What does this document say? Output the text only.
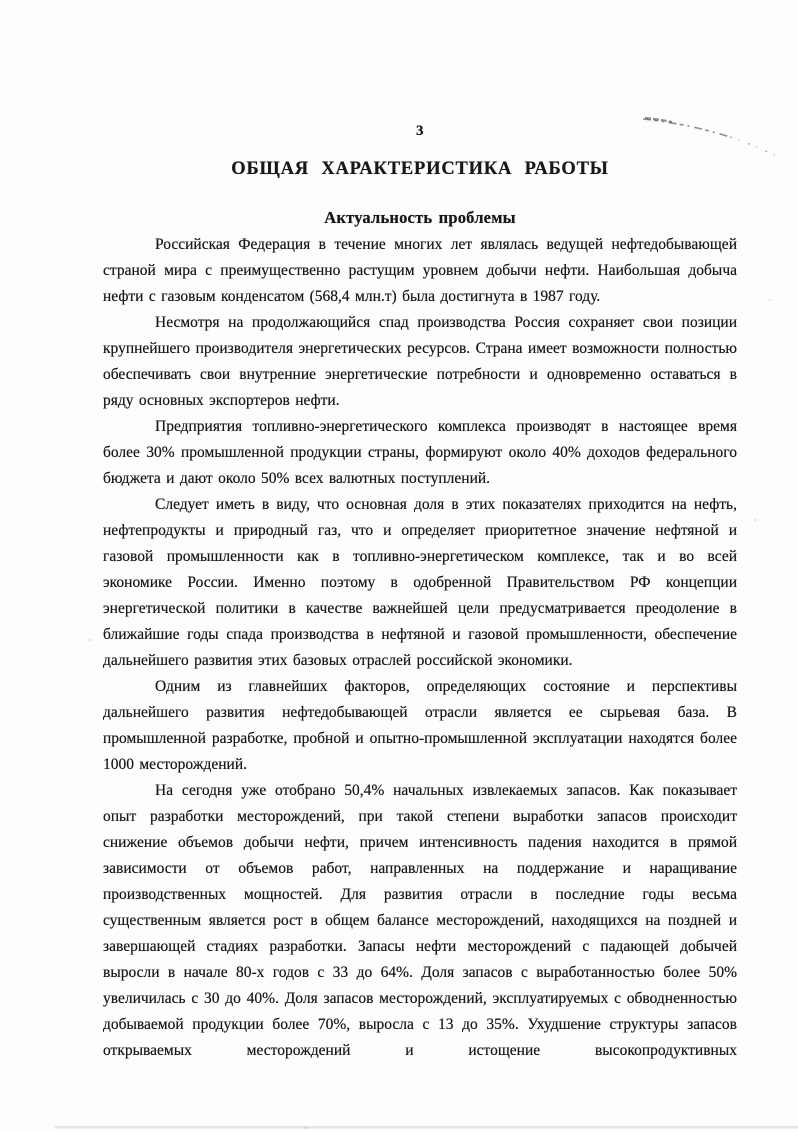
3
ОБЩАЯ ХАРАКТЕРИСТИКА РАБОТЫ
Актуальность проблемы

Российская Федерация в течение многих лет являлась ведущей нефтедобывающей страной мира с преимущественно растущим уровнем добычи нефти. Наибольшая добыча нефти с газовым конденсатом (568,4 млн.т) была достигнута в 1987 году.

Несмотря на продолжающийся спад производства Россия сохраняет свои позиции крупнейшего производителя энергетических ресурсов. Страна имеет возможности полностью обеспечивать свои внутренние энергетические потребности и одновременно оставаться в ряду основных экспортеров нефти.

Предприятия топливно-энергетического комплекса производят в настоящее время более 30% промышленной продукции страны, формируют около 40% доходов федерального бюджета и дают около 50% всех валютных поступлений.

Следует иметь в виду, что основная доля в этих показателях приходится на нефть, нефтепродукты и природный газ, что и определяет приоритетное значение нефтяной и газовой промышленности как в топливно-энергетическом комплексе, так и во всей экономике России. Именно поэтому в одобренной Правительством РФ концепции энергетической политики в качестве важнейшей цели предусматривается преодоление в ближайшие годы спада производства в нефтяной и газовой промышленности, обеспечение дальнейшего развития этих базовых отраслей российской экономики.

Одним из главнейших факторов, определяющих состояние и перспективы дальнейшего развития нефтедобывающей отрасли является ее сырьевая база. В промышленной разработке, пробной и опытно-промышленной эксплуатации находятся более 1000 месторождений.

На сегодня уже отобрано 50,4% начальных извлекаемых запасов. Как показывает опыт разработки месторождений, при такой степени выработки запасов происходит снижение объемов добычи нефти, причем интенсивность падения находится в прямой зависимости от объемов работ, направленных на поддержание и наращивание производственных мощностей. Для развития отрасли в последние годы весьма существенным является рост в общем балансе месторождений, находящихся на поздней и завершающей стадиях разработки. Запасы нефти месторождений с падающей добычей выросли в начале 80-х годов с 33 до 64%. Доля запасов с выработанностью более 50% увеличилась с 30 до 40%. Доля запасов месторождений, эксплуатируемых с обводненностью добываемой продукции более 70%, выросла с 13 до 35%. Ухудшение структуры запасов открываемых месторождений и истощение высокопродуктивных
